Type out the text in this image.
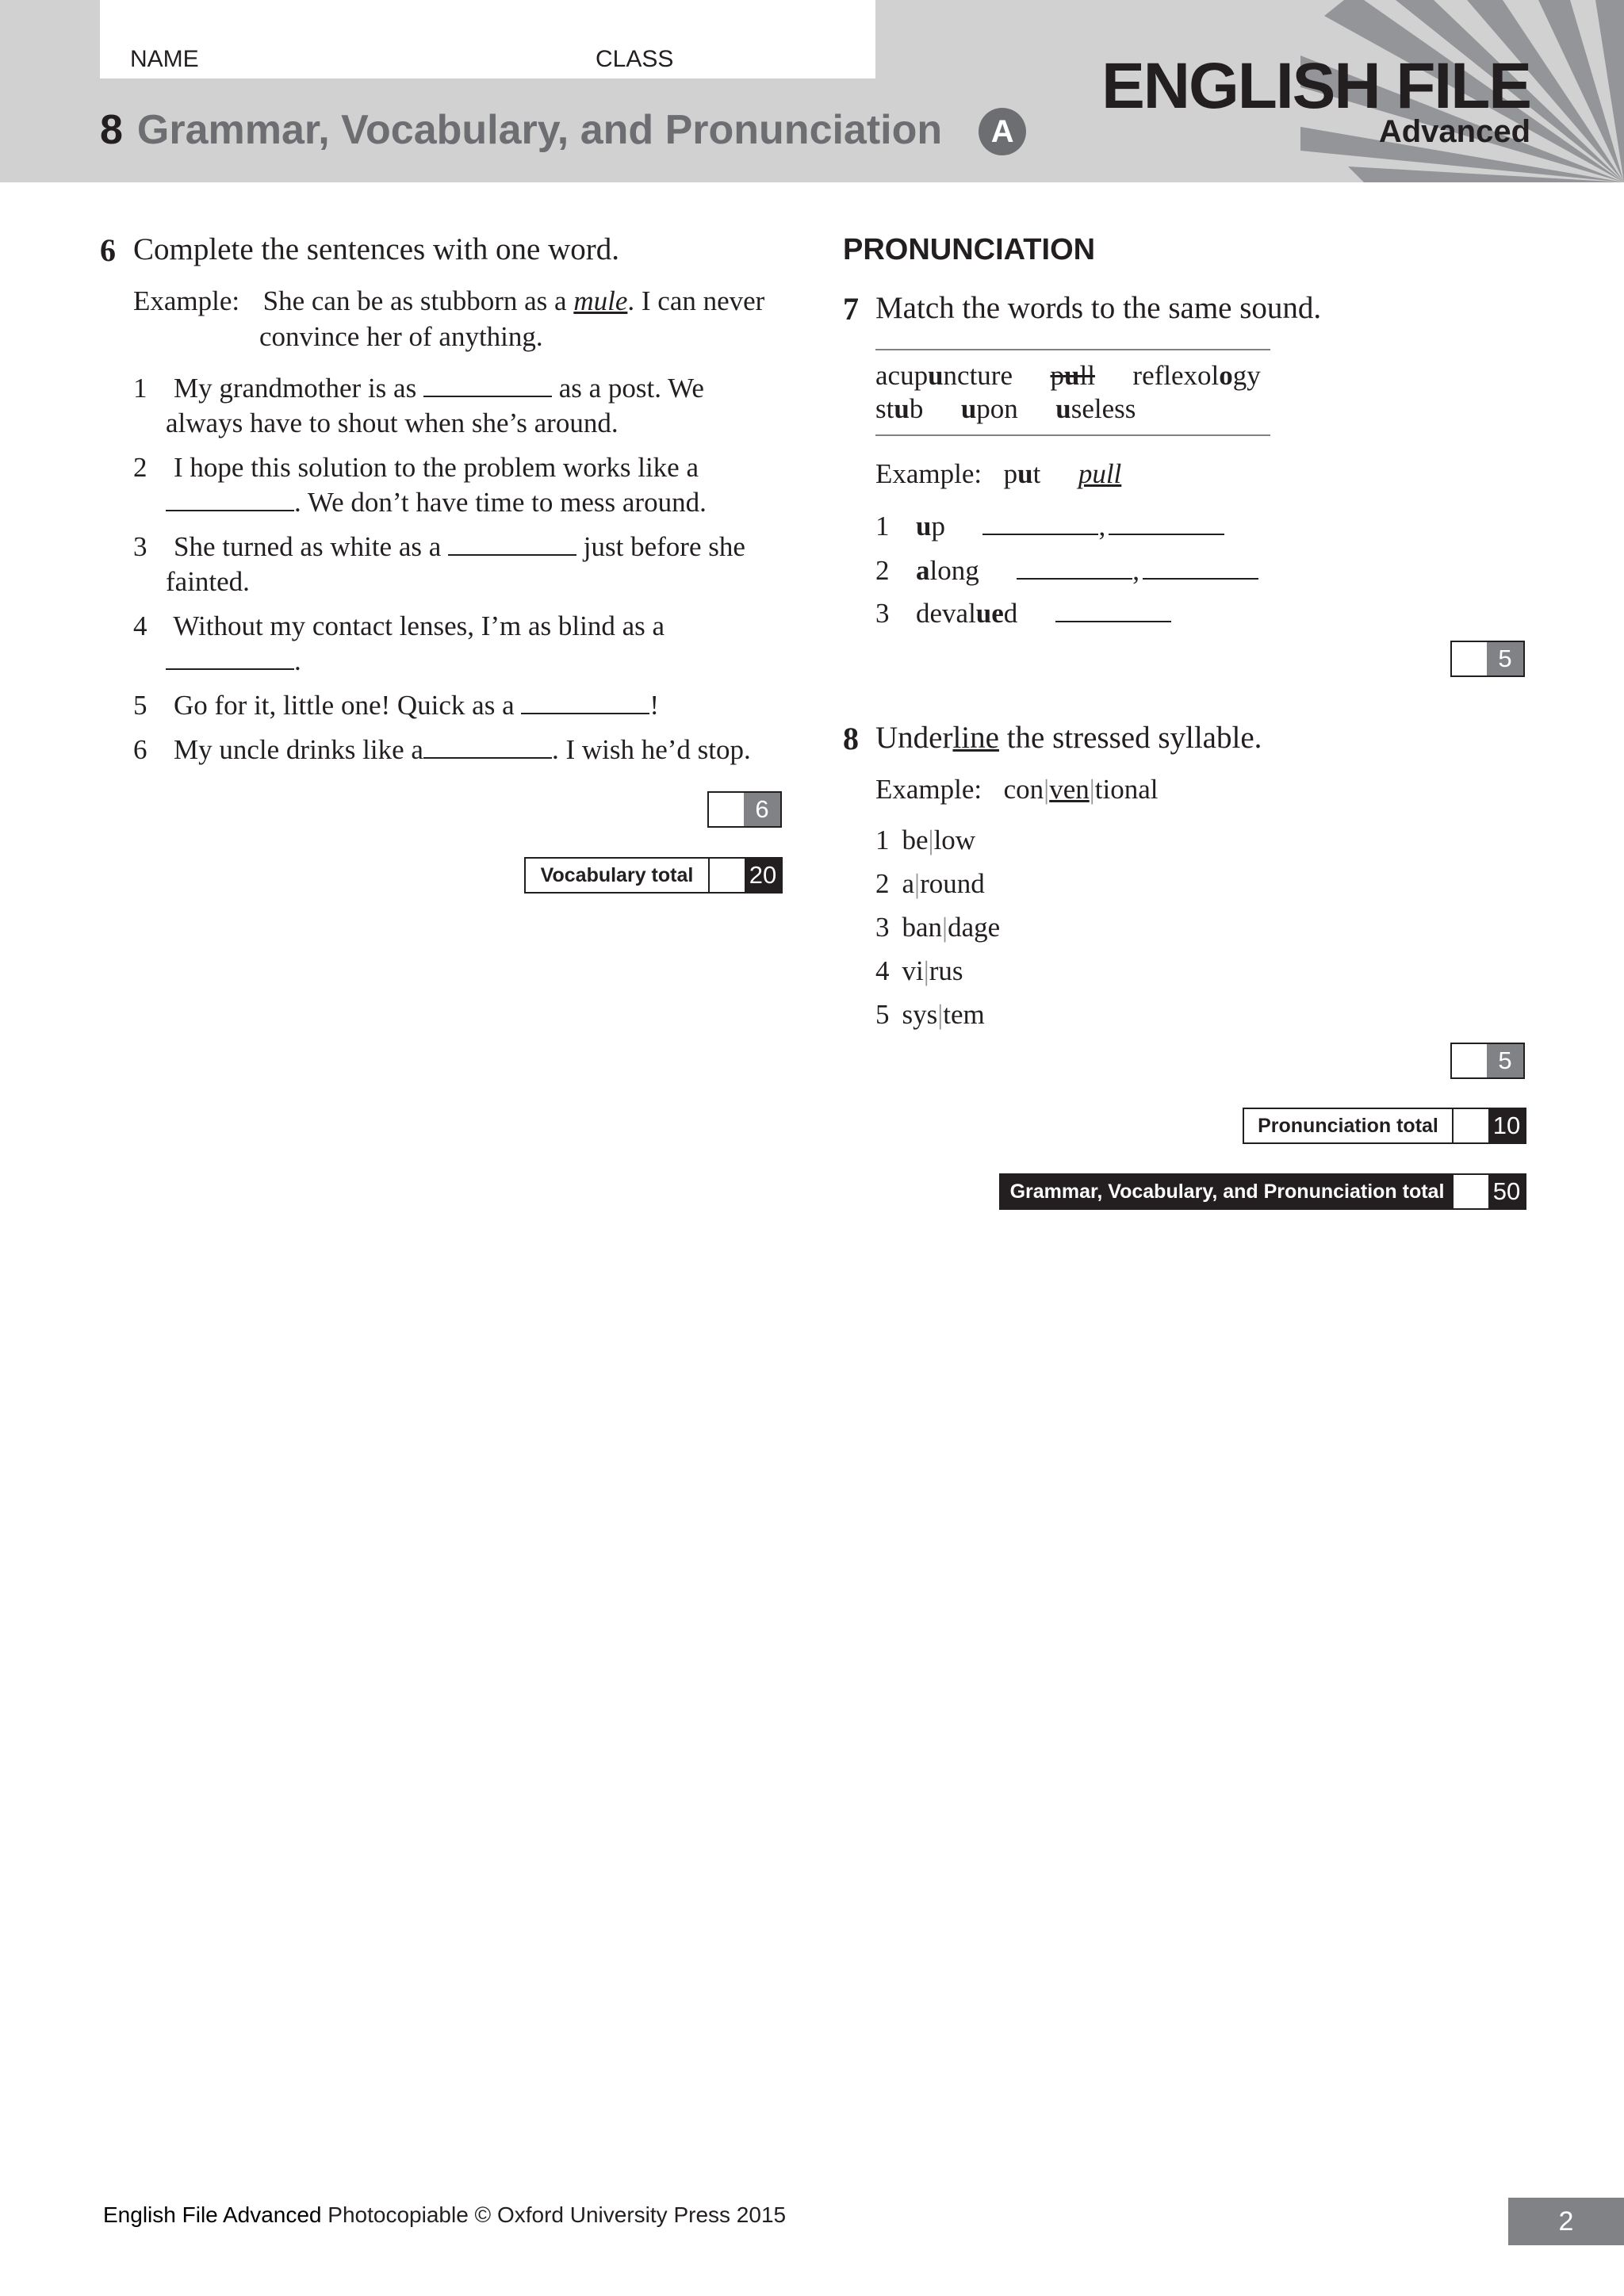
NAME	CLASS
8 Grammar, Vocabulary, and Pronunciation A
ENGLISH FILE
Advanced
6 Complete the sentences with one word.
Example: She can be as stubborn as a mule. I can never
convince her of anything.
1 My grandmother is as	as a post. We
always have to shout when she’s around.
2 I hope this solution to the problem works like a
. We don’t have time to mess around.
3 She turned as white as a	just before she
fainted.
4 Without my contact lenses, I’m as blind as a
.
5 Go for it, little one! Quick as a	!
6 My uncle drinks like a	. I wish he’d stop.
6
Vocabulary total	20
PRONUNCIATION
7 Match the words to the same sound.
acupuncture pull reflexology
stub upon useless
Example: put pull
1 up	,
2 along	,
3 devalued
5
8 Underline the stressed syllable.
Example: con|ven|tional
1 be|low
2 a|round
3 ban|dage
4 vi|rus
5 sys|tem
5
Pronunciation total	10
Grammar, Vocabulary, and Pronunciation total	50
English File Advanced Photocopiable © Oxford University Press 2015	2
